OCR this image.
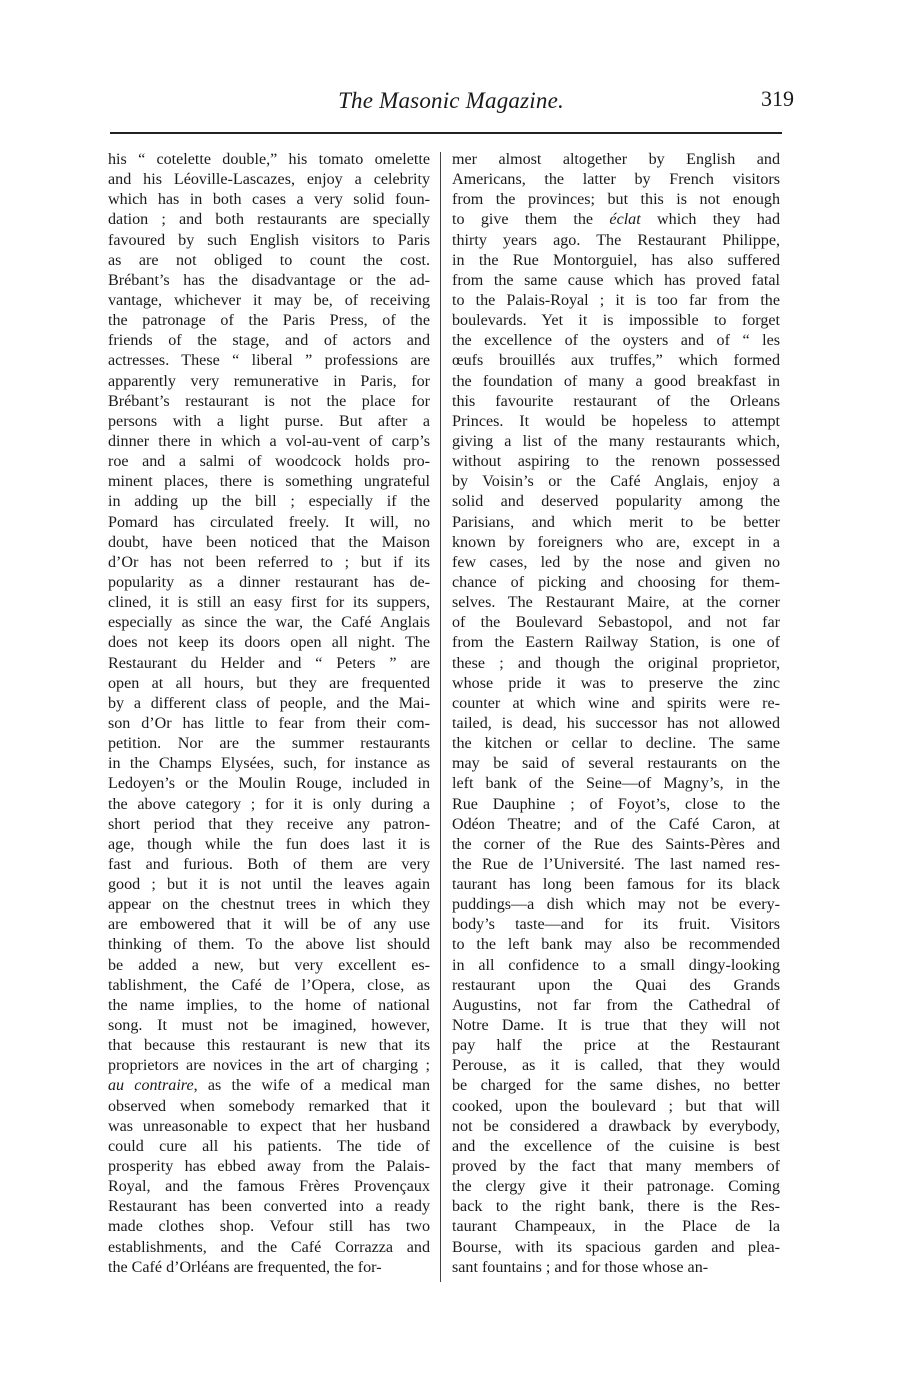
The Masonic Magazine.	319
his “ cotelette double,” his tomato omelette
and his Léoville-Lascazes, enjoy a celebrity
which has in both cases a very solid foun-
dation ; and both restaurants are specially
favoured by such English visitors to Paris
as are not obliged to count the cost.
Brébant’s has the disadvantage or the ad-
vantage, whichever it may be, of receiving
the patronage of the Paris Press, of the
friends of the stage, and of actors and
actresses. These “ liberal ” professions are
apparently very remunerative in Paris, for
Brébant’s restaurant is not the place for
persons with a light purse. But after a
dinner there in which a vol-au-vent of carp’s
roe and a salmi of woodcock holds pro-
minent places, there is something ungrateful
in adding up the bill ; especially if the
Pomard has circulated freely. It will, no
doubt, have been noticed that the Maison
d’Or has not been referred to ; but if its
popularity as a dinner restaurant has de-
clined, it is still an easy first for its suppers,
especially as since the war, the Café Anglais
does not keep its doors open all night. The
Restaurant du Helder and “ Peters ” are
open at all hours, but they are frequented
by a different class of people, and the Mai-
son d’Or has little to fear from their com-
petition. Nor are the summer restaurants
in the Champs Elysées, such, for instance as
Ledoyen’s or the Moulin Rouge, included in
the above category ; for it is only during a
short period that they receive any patron-
age, though while the fun does last it is
fast and furious. Both of them are very
good ; but it is not until the leaves again
appear on the chestnut trees in which they
are embowered that it will be of any use
thinking of them. To the above list should
be added a new, but very excellent es-
tablishment, the Café de l’Opera, close, as
the name implies, to the home of national
song. It must not be imagined, however,
that because this restaurant is new that its
proprietors are novices in the art of charging ;
au contraire, as the wife of a medical man
observed when somebody remarked that it
was unreasonable to expect that her husband
could cure all his patients. The tide of
prosperity has ebbed away from the Palais-
Royal, and the famous Frères Provençaux
Restaurant has been converted into a ready
made clothes shop. Vefour still has two
establishments, and the Café Corrazza and
the Café d’Orléans are frequented, the for-
mer almost altogether by English and
Americans, the latter by French visitors
from the provinces; but this is not enough
to give them the éclat which they had
thirty years ago. The Restaurant Philippe,
in the Rue Montorguiel, has also suffered
from the same cause which has proved fatal
to the Palais-Royal ; it is too far from the
boulevards. Yet it is impossible to forget
the excellence of the oysters and of “ les
œufs brouillés aux truffes,” which formed
the foundation of many a good breakfast in
this favourite restaurant of the Orleans
Princes. It would be hopeless to attempt
giving a list of the many restaurants which,
without aspiring to the renown possessed
by Voisin’s or the Café Anglais, enjoy a
solid and deserved popularity among the
Parisians, and which merit to be better
known by foreigners who are, except in a
few cases, led by the nose and given no
chance of picking and choosing for them-
selves. The Restaurant Maire, at the corner
of the Boulevard Sebastopol, and not far
from the Eastern Railway Station, is one of
these ; and though the original proprietor,
whose pride it was to preserve the zinc
counter at which wine and spirits were re-
tailed, is dead, his successor has not allowed
the kitchen or cellar to decline. The same
may be said of several restaurants on the
left bank of the Seine—of Magny’s, in the
Rue Dauphine ; of Foyot’s, close to the
Odéon Theatre; and of the Café Caron, at
the corner of the Rue des Saints-Pères and
the Rue de l’Université. The last named res-
taurant has long been famous for its black
puddings—a dish which may not be every-
body’s taste—and for its fruit. Visitors
to the left bank may also be recommended
in all confidence to a small dingy-looking
restaurant upon the Quai des Grands
Augustins, not far from the Cathedral of
Notre Dame. It is true that they will not
pay half the price at the Restaurant
Perouse, as it is called, that they would
be charged for the same dishes, no better
cooked, upon the boulevard ; but that will
not be considered a drawback by everybody,
and the excellence of the cuisine is best
proved by the fact that many members of
the clergy give it their patronage. Coming
back to the right bank, there is the Res-
taurant Champeaux, in the Place de la
Bourse, with its spacious garden and plea-
sant fountains ; and for those whose an-
